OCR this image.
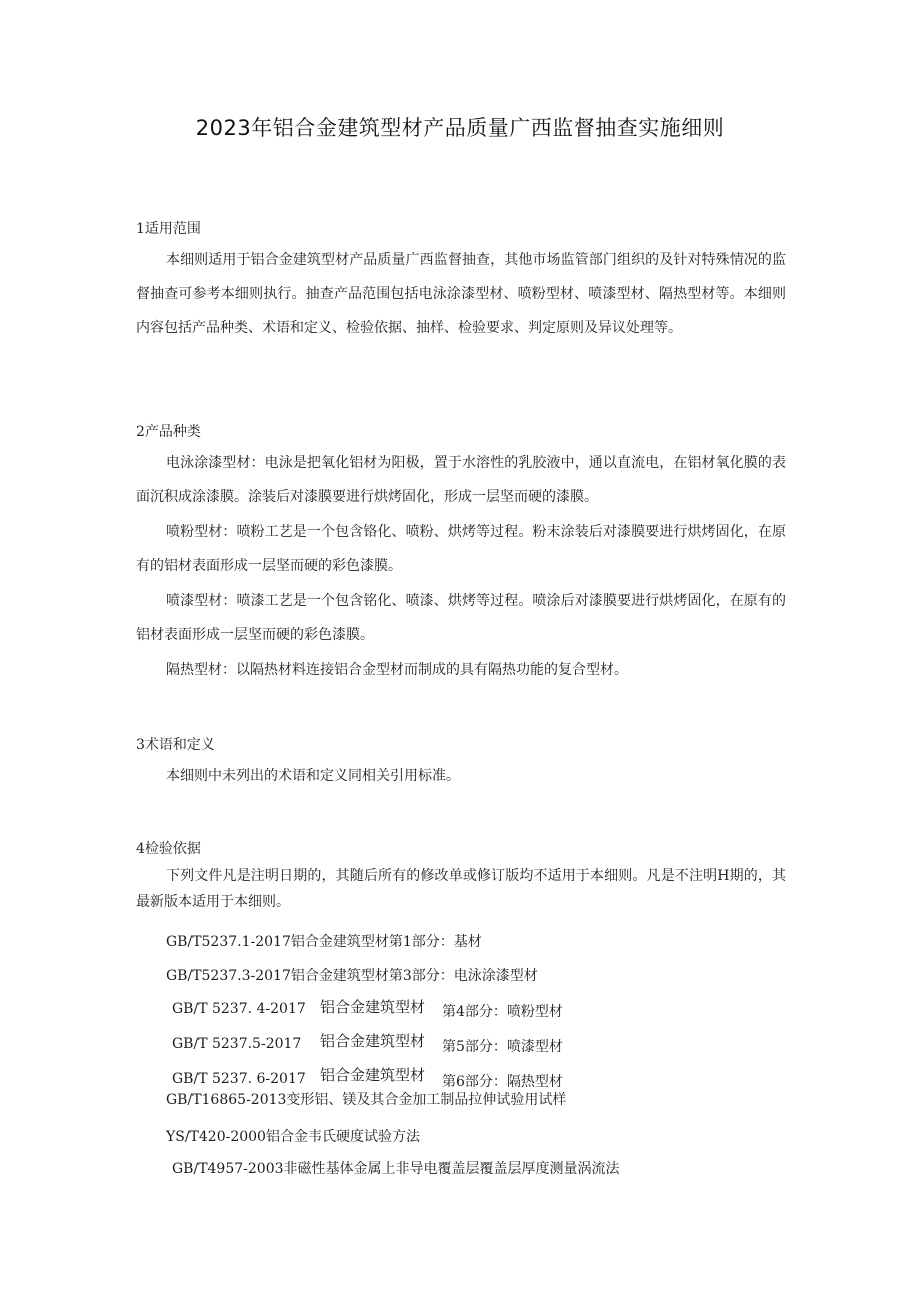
2023年铝合金建筑型材产品质量广西监督抽查实施细则
1适用范围
本细则适用于铝合金建筑型材产品质量广西监督抽查，其他市场监管部门组织的及针对特殊情况的监督抽查可参考本细则执行。抽查产品范围包括电泳涂漆型材、喷粉型材、喷漆型材、隔热型材等。本细则内容包括产品种类、术语和定义、检验依据、抽样、检验要求、判定原则及异议处理等。
2产品种类
电泳涂漆型材：电泳是把氧化铝材为阳极，置于水溶性的乳胶液中，通以直流电，在铝材氧化膜的表面沉积成涂漆膜。涂装后对漆膜要进行烘烤固化，形成一层坚而硬的漆膜。
喷粉型材：喷粉工艺是一个包含铬化、喷粉、烘烤等过程。粉末涂装后对漆膜要进行烘烤固化，在原有的铝材表面形成一层坚而硬的彩色漆膜。
喷漆型材：喷漆工艺是一个包含铭化、喷漆、烘烤等过程。喷涂后对漆膜要进行烘烤固化，在原有的铝材表面形成一层坚而硬的彩色漆膜。
隔热型材：以隔热材料连接铝合金型材而制成的具有隔热功能的复合型材。
3术语和定义
本细则中未列出的术语和定义同相关引用标准。
4检验依据
下列文件凡是注明日期的，其随后所有的修改单或修订版均不适用于本细则。凡是不注明H期的，其最新版本适用于本细则。
GB/T5237.1-2017铝合金建筑型材第1部分：基材
GB/T5237.3-2017铝合金建筑型材第3部分：电泳涂漆型材
GB/T 5237. 4-2017 铝合金建筑型材 第4部分：喷粉型材
GB/T 5237.5-2017 铝合金建筑型材 第5部分：喷漆型材
GB/T 5237. 6-2017 铝合金建筑型材 第6部分：隔热型材
GB/T16865-2013变形铝、镁及其合金加工制品拉伸试验用试样
YS/T420-2000铝合金韦氏硬度试验方法
GB/T4957-2003非磁性基体金属上非导电覆盖层覆盖层厚度测量涡流法
